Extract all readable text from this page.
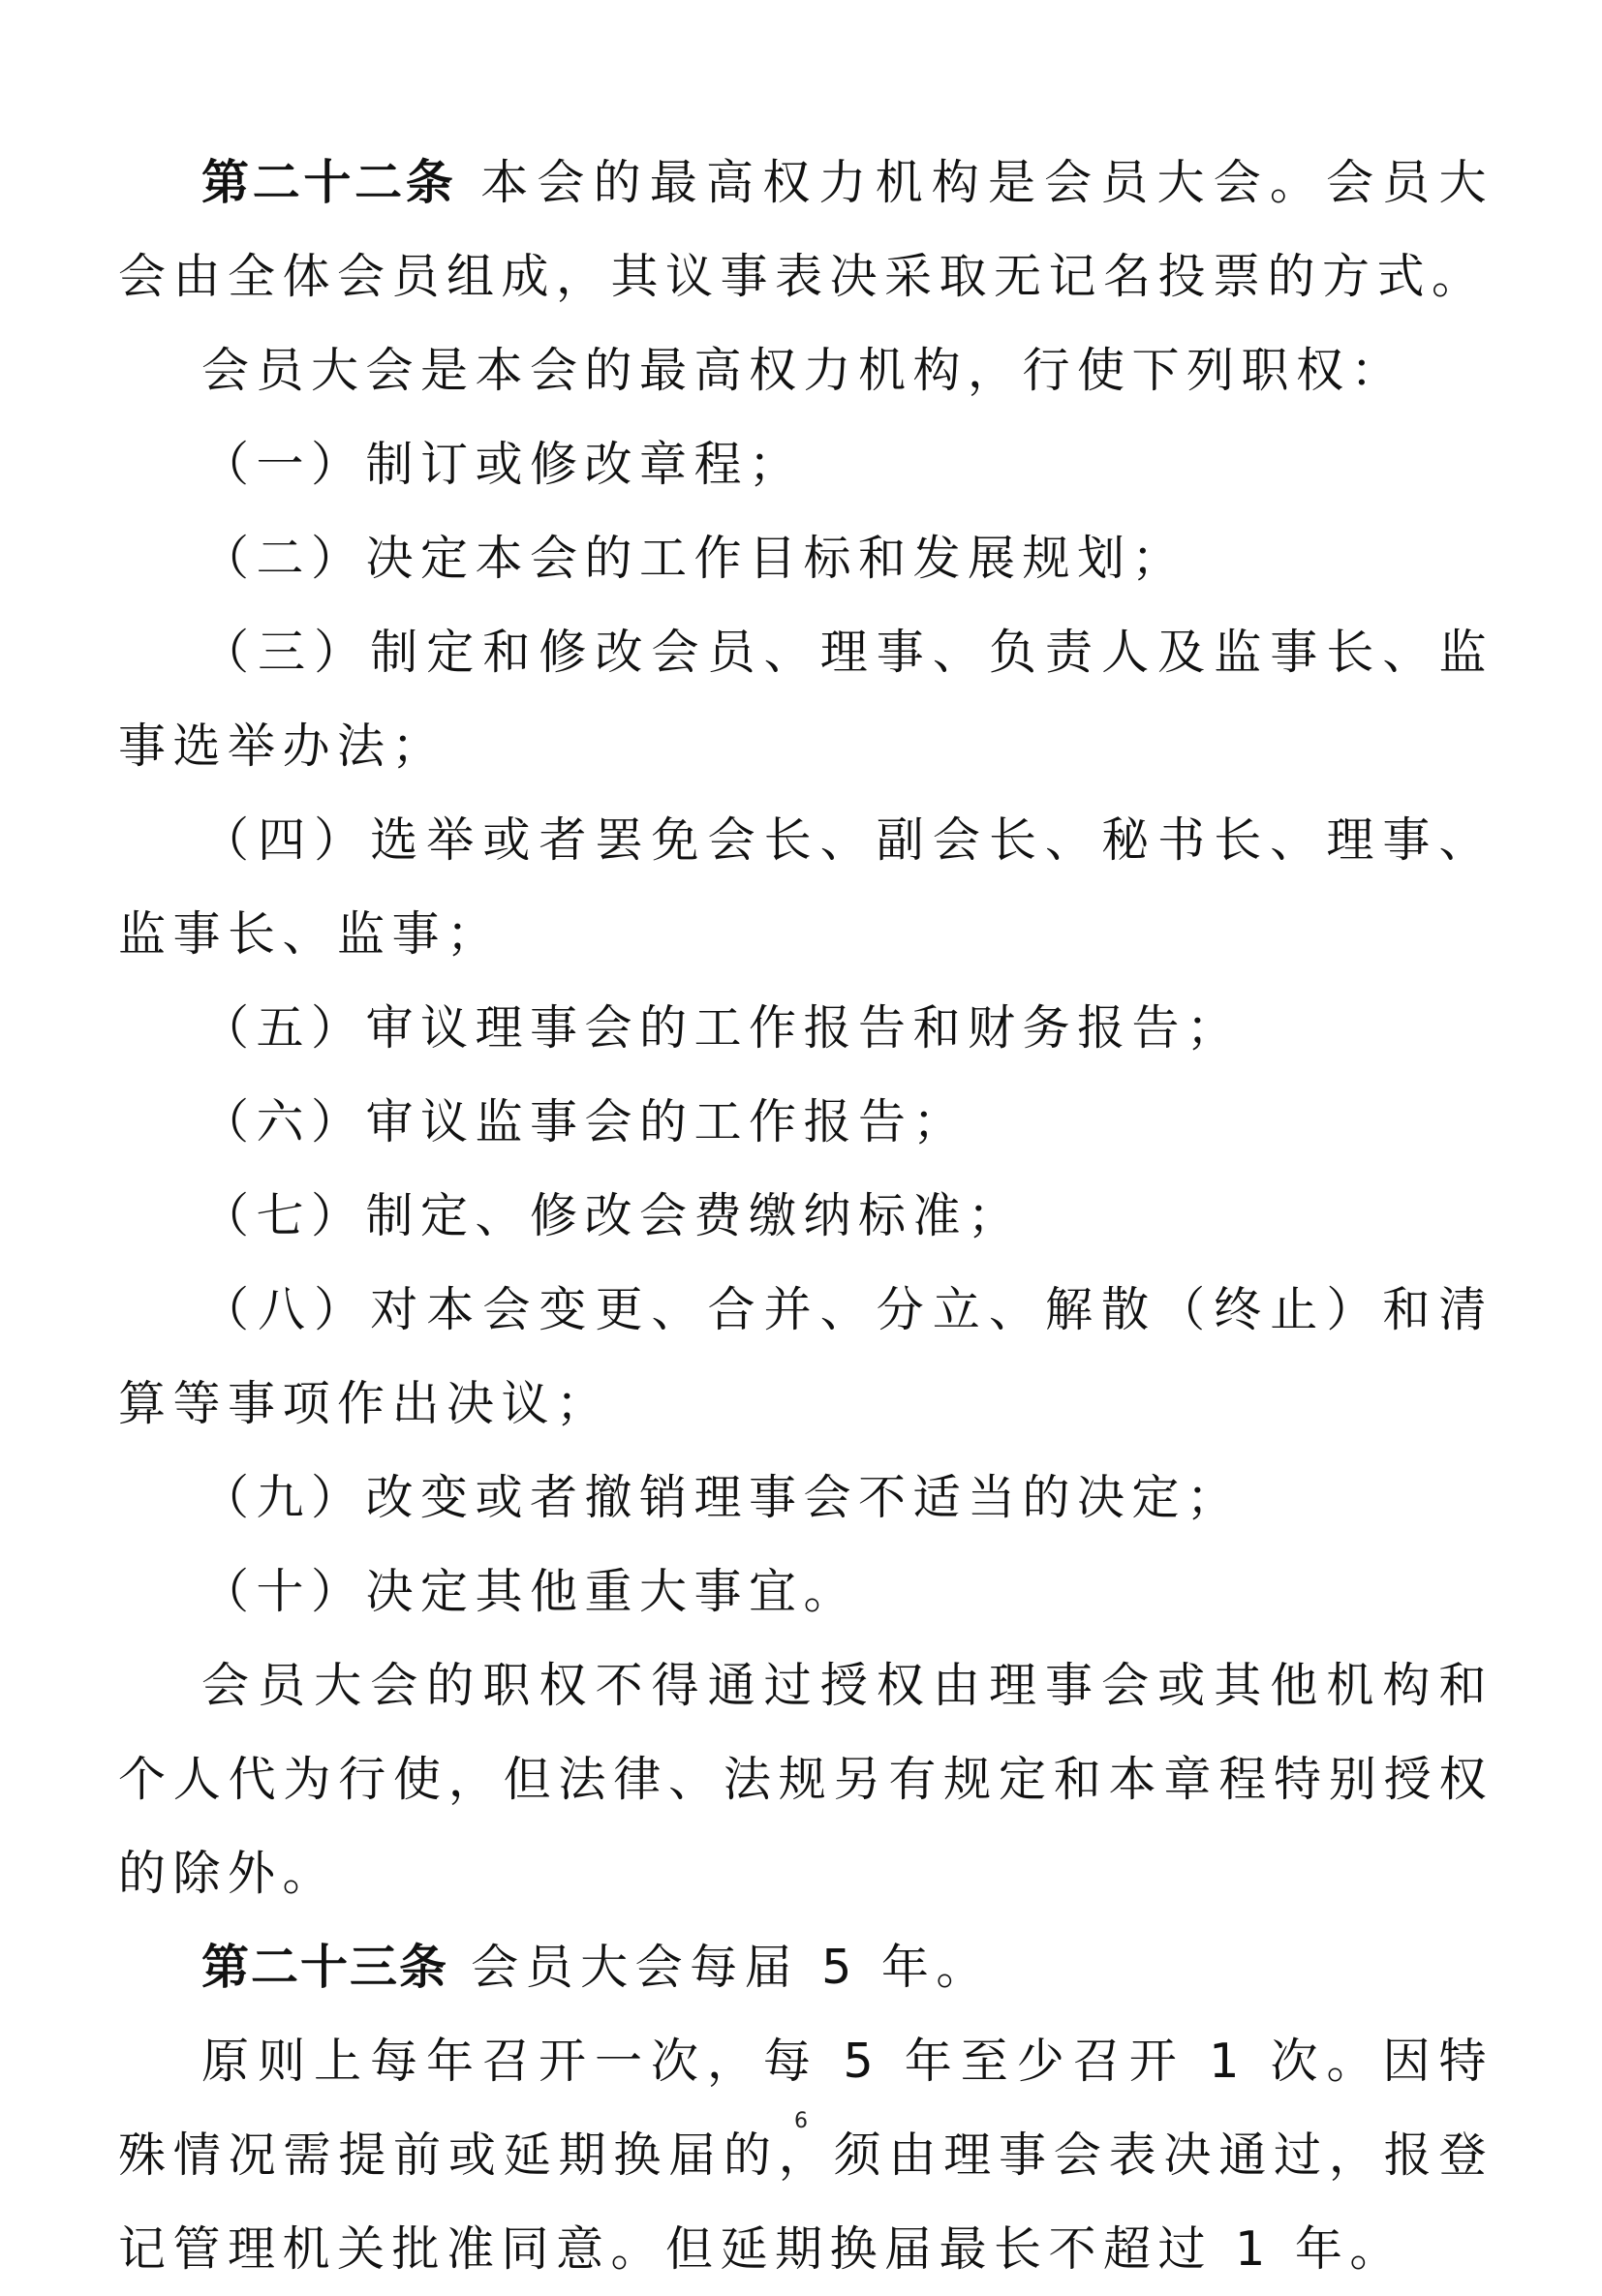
第二十二条 本会的最高权力机构是会员大会。会员大会由全体会员组成，其议事表决采取无记名投票的方式。

会员大会是本会的最高权力机构，行使下列职权：

（一）制订或修改章程；

（二）决定本会的工作目标和发展规划；

（三）制定和修改会员、理事、负责人及监事长、监事选举办法；

（四）选举或者罢免会长、副会长、秘书长、理事、监事长、监事；

（五）审议理事会的工作报告和财务报告；

（六）审议监事会的工作报告；

（七）制定、修改会费缴纳标准；

（八）对本会变更、合并、分立、解散（终止）和清算等事项作出决议；

（九）改变或者撤销理事会不适当的决定；

（十）决定其他重大事宜。

会员大会的职权不得通过授权由理事会或其他机构和个人代为行使，但法律、法规另有规定和本章程特别授权的除外。

第二十三条 会员大会每届 5 年。

原则上每年召开一次，每 5 年至少召开 1 次。因特殊情况需提前或延期换届的，须由理事会表决通过，报登记管理机关批准同意。但延期换届最长不超过 1 年。

6
